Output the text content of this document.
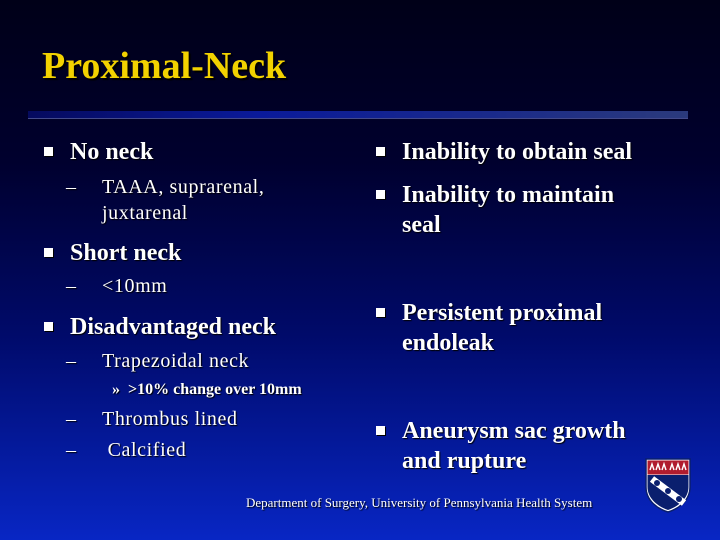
Proximal-Neck
No neck
– TAAA, suprarenal,
juxtarenal
Short neck
– <10mm
Disadvantaged neck
– Trapezoidal neck
» >10% change over 10mm
– Thrombus lined
– Calcified
Inability to obtain seal
Inability to maintain
seal
Persistent proximal
endoleak
Aneurysm sac growth
and rupture
Department of Surgery, University of Pennsylvania Health System
